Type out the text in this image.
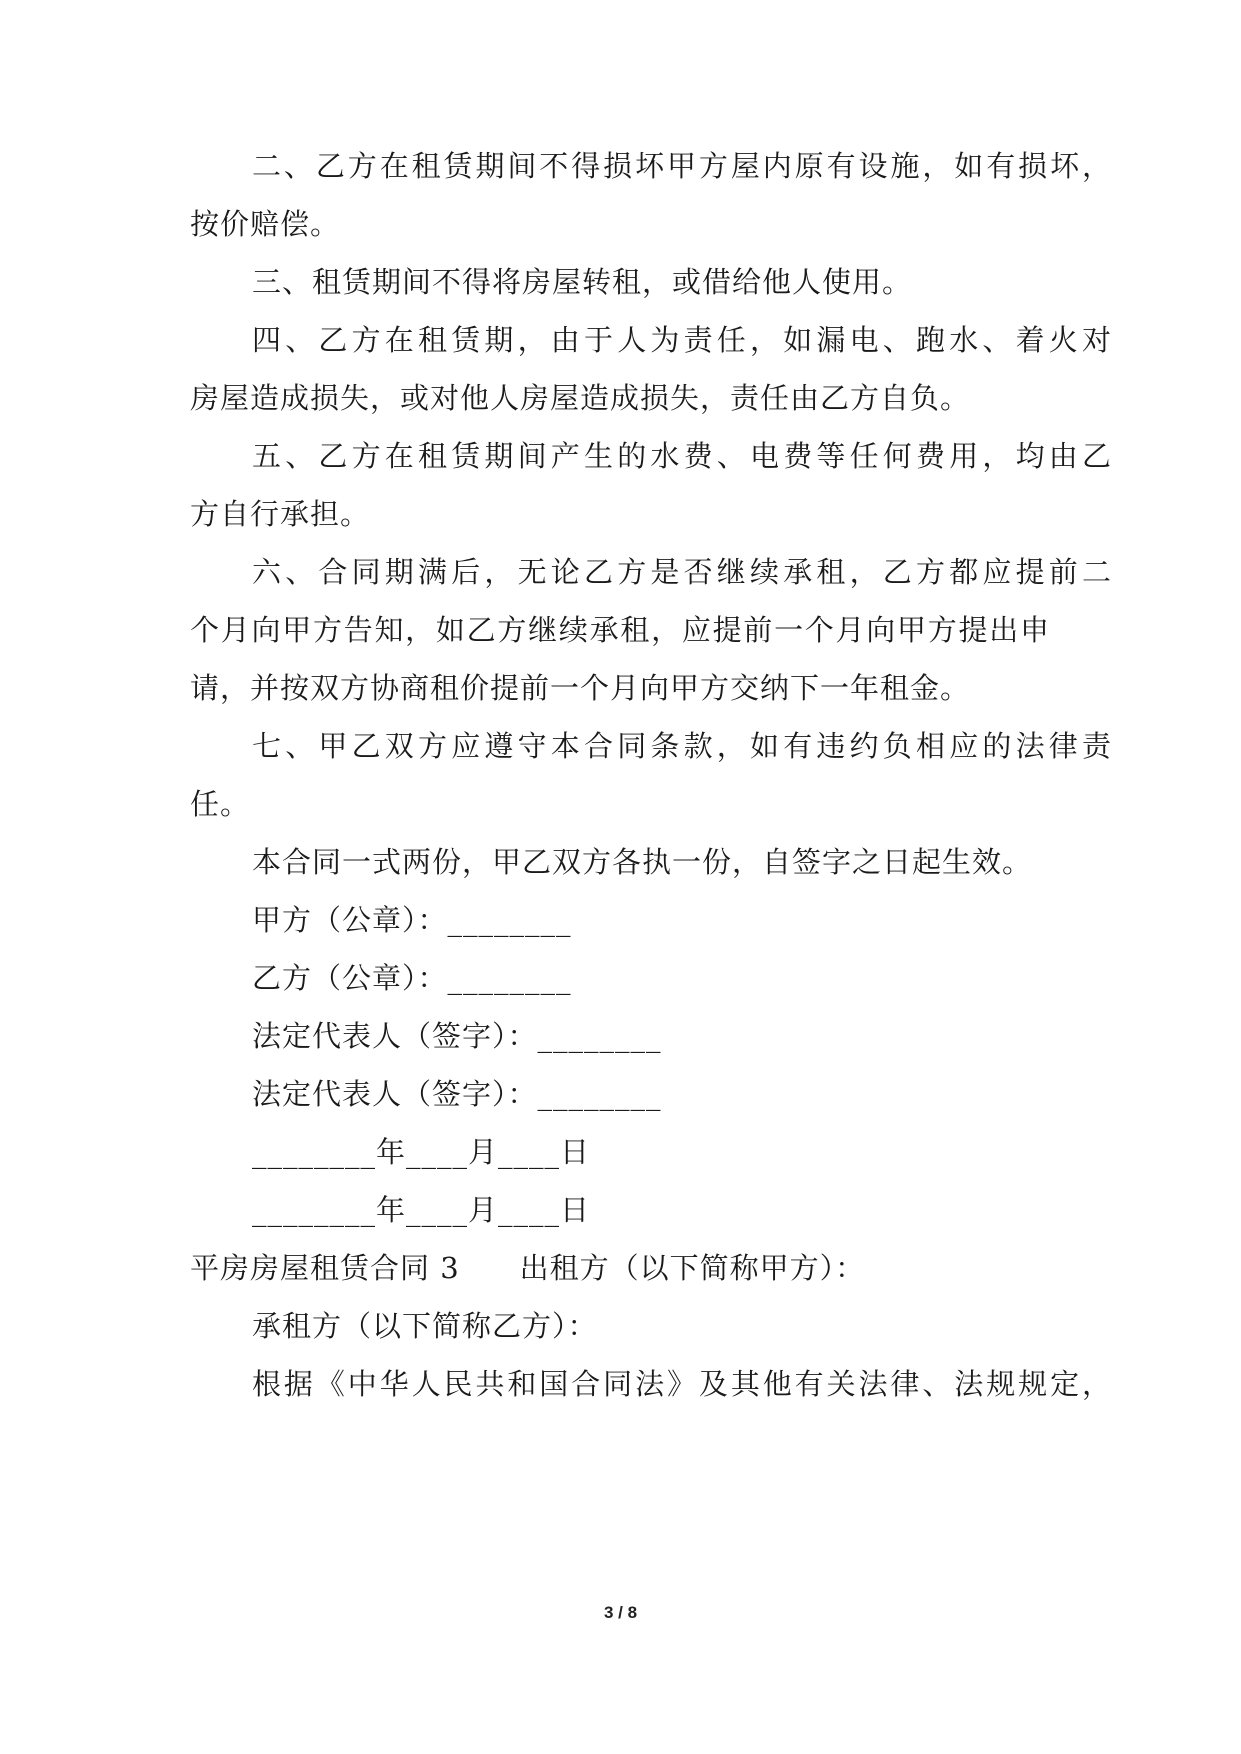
二、乙方在租赁期间不得损坏甲方屋内原有设施，如有损坏，
按价赔偿。
三、租赁期间不得将房屋转租，或借给他人使用。
四、乙方在租赁期，由于人为责任，如漏电、跑水、着火对
房屋造成损失，或对他人房屋造成损失，责任由乙方自负。
五、乙方在租赁期间产生的水费、电费等任何费用，均由乙
方自行承担。
六、合同期满后，无论乙方是否继续承租，乙方都应提前二
个月向甲方告知，如乙方继续承租，应提前一个月向甲方提出申
请，并按双方协商租价提前一个月向甲方交纳下一年租金。
七、甲乙双方应遵守本合同条款，如有违约负相应的法律责
任。
本合同一式两份，甲乙双方各执一份，自签字之日起生效。
甲方（公章）：________
乙方（公章）：________
法定代表人（签字）：________
法定代表人（签字）：________
________年____月____日
________年____月____日
平房房屋租赁合同 3 出租方（以下简称甲方）：
承租方（以下简称乙方）：
根据《中华人民共和国合同法》及其他有关法律、法规规定，
3 / 8
